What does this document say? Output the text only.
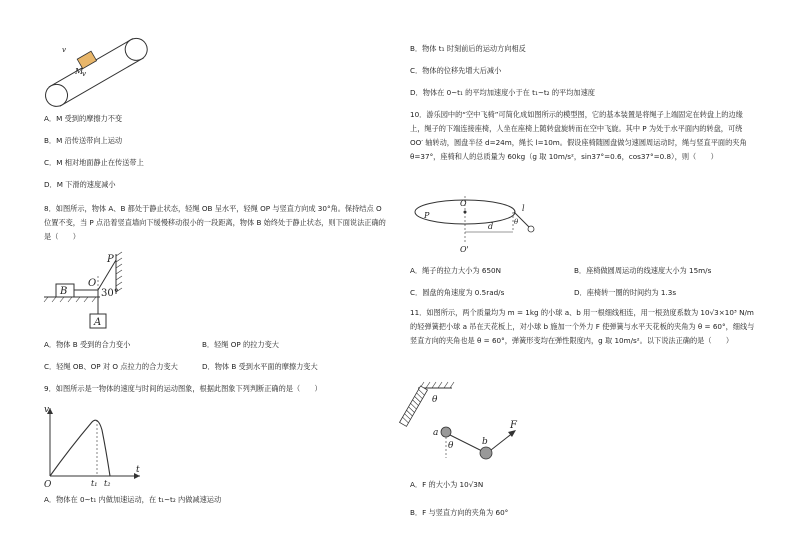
M
v
v
A．M 受到的摩擦力不变
B．M 沿传送带向上运动
C．M 相对地面静止在传送带上
D．M 下滑的速度减小
8．如图所示，物体 A、B 都处于静止状态，轻绳 OB 呈水平，轻绳 OP 与竖直方向成 30°角。保持结点 O 位置不变，当 P 点沿着竖直墙向下缓慢移动很小的一段距离，物体 B 始终处于静止状态，则下面说法正确的是（　　）
B
A
O
P
30°
A．物体 B 受到的合力变小	B．轻绳 OP 的拉力变大
C．轻绳 OB、OP 对 O 点拉力的合力变大	D．物体 B 受到水平面的摩擦力变大
9．如图所示是一物体的速度与时间的运动图象，根据此图象下列判断正确的是（　　）
v
t
O	t₁ t₂
A．物体在 0~t₁ 内做加速运动，在 t₁~t₂ 内做减速运动
B．物体 t₁ 时刻前后的运动方向相反
C．物体的位移先增大后减小
D．物体在 0~t₁ 的平均加速度小于在 t₁~t₂ 的平均加速度
10．游乐园中的“空中飞椅”可简化成如图所示的模型图，它的基本装置是将绳子上端固定在转盘上的边缘上，绳子的下端连接座椅，人坐在座椅上随转盘旋转而在空中飞旋。其中 P 为处于水平面内的转盘，可绕 OO′ 轴转动，圆盘半径 d=24m，绳长 l=10m。假设座椅随圆盘做匀速圆周运动时，绳与竖直平面的夹角 θ=37°，座椅和人的总质量为 60kg（g 取 10m/s²，sin37°=0.6，cos37°=0.8），则（　　）
O
P
O'
d
l
θ
A．绳子的拉力大小为 650N	B．座椅做圆周运动的线速度大小为 15m/s
C．圆盘的角速度为 0.5rad/s	D．座椅转一圈的时间约为 1.3s
11．如图所示，两个质量均为 m = 1kg 的小球 a、b 用一根细线相连，用一根劲度系数为 10√3×10³ N/m 的轻弹簧把小球 a 吊在天花板上，对小球 b 施加一个外力 F 使弹簧与水平天花板的夹角为 θ = 60°，细线与竖直方向的夹角也是 θ = 60°，弹簧形变均在弹性限度内，g 取 10m/s²。以下说法正确的是（　　）
θ
a
θ	b
F
A．F 的大小为 10√3N
B．F 与竖直方向的夹角为 60°
